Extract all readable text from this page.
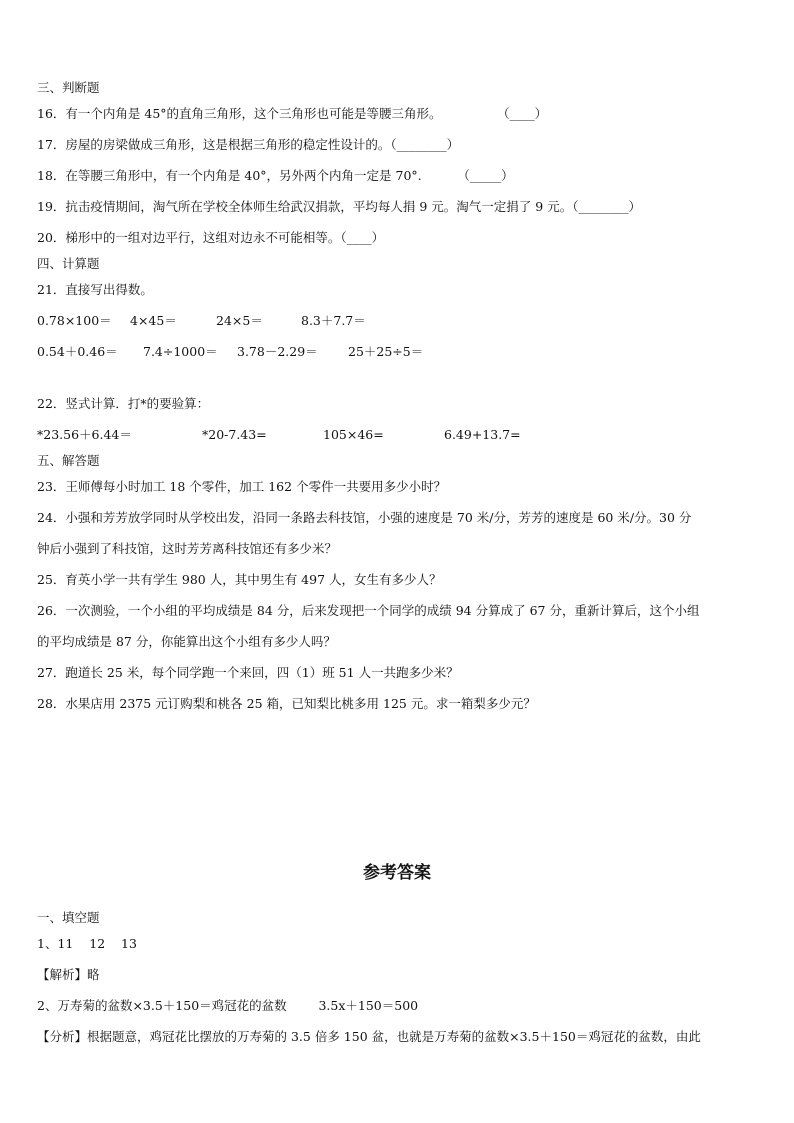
三、判断题
16．有一个内角是 45°的直角三角形，这个三角形也可能是等腰三角形。              （____）
17．房屋的房梁做成三角形，这是根据三角形的稳定性设计的。（________）
18．在等腰三角形中，有一个内角是 40°，另外两个内角一定是 70°.         （_____）
19．抗击疫情期间，淘气所在学校全体师生给武汉捐款，平均每人捐 9 元。淘气一定捐了 9 元。（________）
20．梯形中的一组对边平行，这组对边永不可能相等。（____）
四、计算题
21．直接写出得数。
0.78×100＝ 4×45＝	24×5＝	8.3＋7.7＝
0.54＋0.46＝ 7.4÷1000＝ 3.78－2.29＝ 25＋25÷5＝
22．竖式计算．打*的要验算：
*23.56＋6.44＝	*20-7.43=	105×46=	6.49+13.7=
五、解答题
23．王师傅每小时加工 18 个零件，加工 162 个零件一共要用多少小时？
24．小强和芳芳放学同时从学校出发，沿同一条路去科技馆，小强的速度是 70 米/分，芳芳的速度是 60 米/分。30 分
钟后小强到了科技馆，这时芳芳离科技馆还有多少米？
25．育英小学一共有学生 980 人，其中男生有 497 人，女生有多少人？
26．一次测验，一个小组的平均成绩是 84 分，后来发现把一个同学的成绩 94 分算成了 67 分，重新计算后，这个小组
的平均成绩是 87 分，你能算出这个小组有多少人吗？
27．跑道长 25 米，每个同学跑一个来回，四（1）班 51 人一共跑多少米？
28．水果店用 2375 元订购梨和桃各 25 箱，已知梨比桃多用 125 元。求一箱梨多少元？
参考答案
一、填空题
1、11    12    13
【解析】略
2、万寿菊的盆数×3.5＋150＝鸡冠花的盆数        3.5x＋150＝500
【分析】根据题意，鸡冠花比摆放的万寿菊的 3.5 倍多 150 盆，也就是万寿菊的盆数×3.5＋150＝鸡冠花的盆数，由此
